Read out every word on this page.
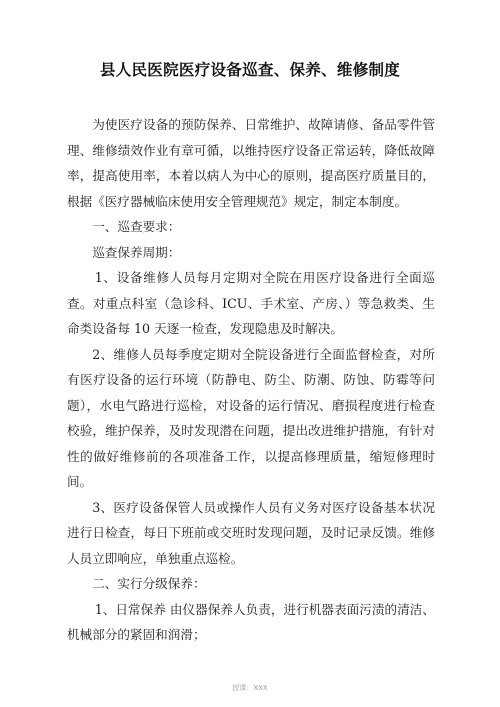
县人民医院医疗设备巡查、保养、维修制度

为使医疗设备的预防保养、日常维护、故障请修、备品零件管理、维修绩效作业有章可循，以维持医疗设备正常运转，降低故障率，提高使用率，本着以病人为中心的原则，提高医疗质量目的，根据《医疗器械临床使用安全管理规范》规定，制定本制度。

一、巡查要求：

巡查保养周期：

1、设备维修人员每月定期对全院在用医疗设备进行全面巡查。对重点科室（急诊科、ICU、手术室、产房、）等急救类、生命类设备每 10 天逐一检查，发现隐患及时解决。

2、维修人员每季度定期对全院设备进行全面监督检查，对所有医疗设备的运行环境（防静电、防尘、防潮、防蚀、防霉等问题），水电气路进行巡检，对设备的运行情况、磨损程度进行检查校验，维护保养，及时发现潜在问题，提出改进维护措施，有针对性的做好维修前的各项准备工作，以提高修理质量，缩短修理时间。

3、医疗设备保管人员或操作人员有义务对医疗设备基本状况进行日检查，每日下班前或交班时发现问题，及时记录反馈。维修人员立即响应，单独重点巡检。

二、实行分级保养：

1、日常保养 由仪器保养人负责，进行机器表面污渍的清洁、机械部分的紧固和润滑；

授课：XXX
